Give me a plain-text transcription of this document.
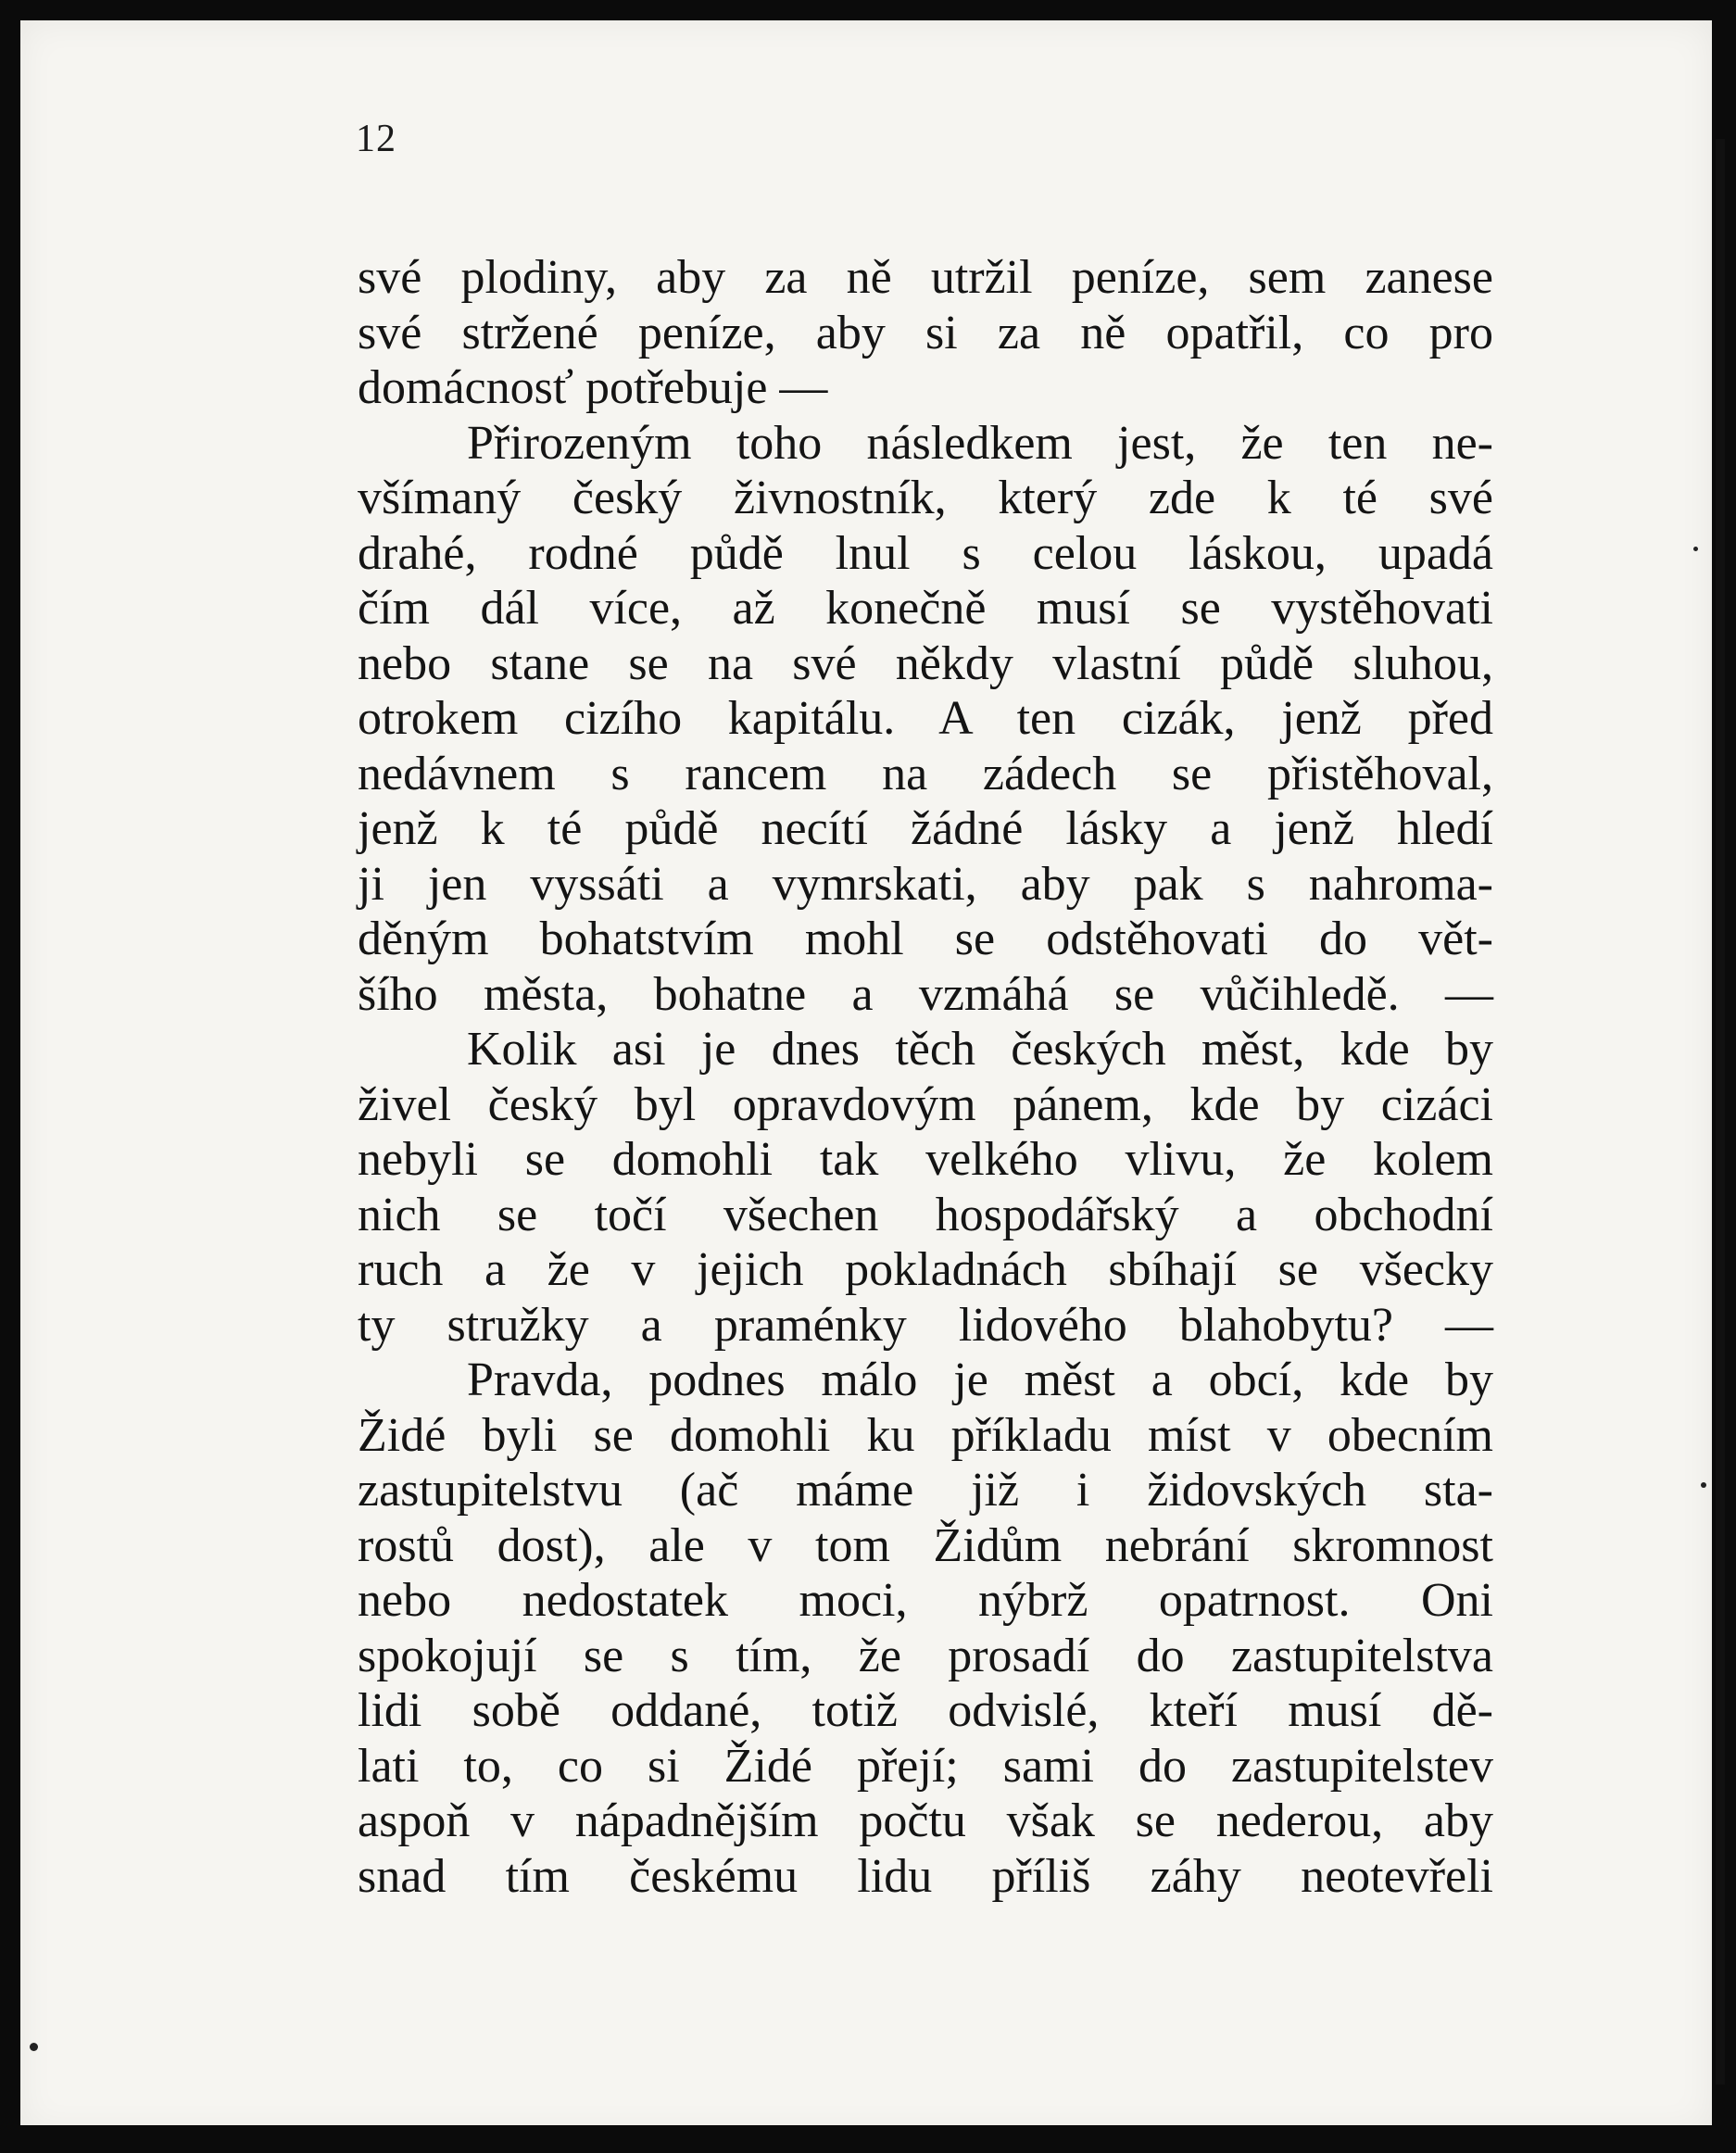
12
své plodiny, aby za ně utržil peníze, sem zanese
své stržené peníze, aby si za ně opatřil, co pro
domácnosť potřebuje —
Přirozeným toho následkem jest, že ten ne-
všímaný český živnostník, který zde k té své
drahé, rodné půdě lnul s celou láskou, upadá
čím dál více, až konečně musí se vystěhovati
nebo stane se na své někdy vlastní půdě sluhou,
otrokem cizího kapitálu. A ten cizák, jenž před
nedávnem s rancem na zádech se přistěhoval,
jenž k té půdě necítí žádné lásky a jenž hledí
ji jen vyssáti a vymrskati, aby pak s nahroma-
děným bohatstvím mohl se odstěhovati do vět-
šího města, bohatne a vzmáhá se vůčihledě. —
Kolik asi je dnes těch českých měst, kde by
živel český byl opravdovým pánem, kde by cizáci
nebyli se domohli tak velkého vlivu, že kolem
nich se točí všechen hospodářský a obchodní
ruch a že v jejich pokladnách sbíhají se všecky
ty stružky a praménky lidového blahobytu? —
Pravda, podnes málo je měst a obcí, kde by
Židé byli se domohli ku příkladu míst v obecním
zastupitelstvu (ač máme již i židovských sta-
rostů dost), ale v tom Židům nebrání skromnost
nebo nedostatek moci, nýbrž opatrnost. Oni
spokojují se s tím, že prosadí do zastupitelstva
lidi sobě oddané, totiž odvislé, kteří musí dě-
lati to, co si Židé přejí; sami do zastupitelstev
aspoň v nápadnějším počtu však se nederou, aby
snad tím českému lidu příliš záhy neotevřeli
